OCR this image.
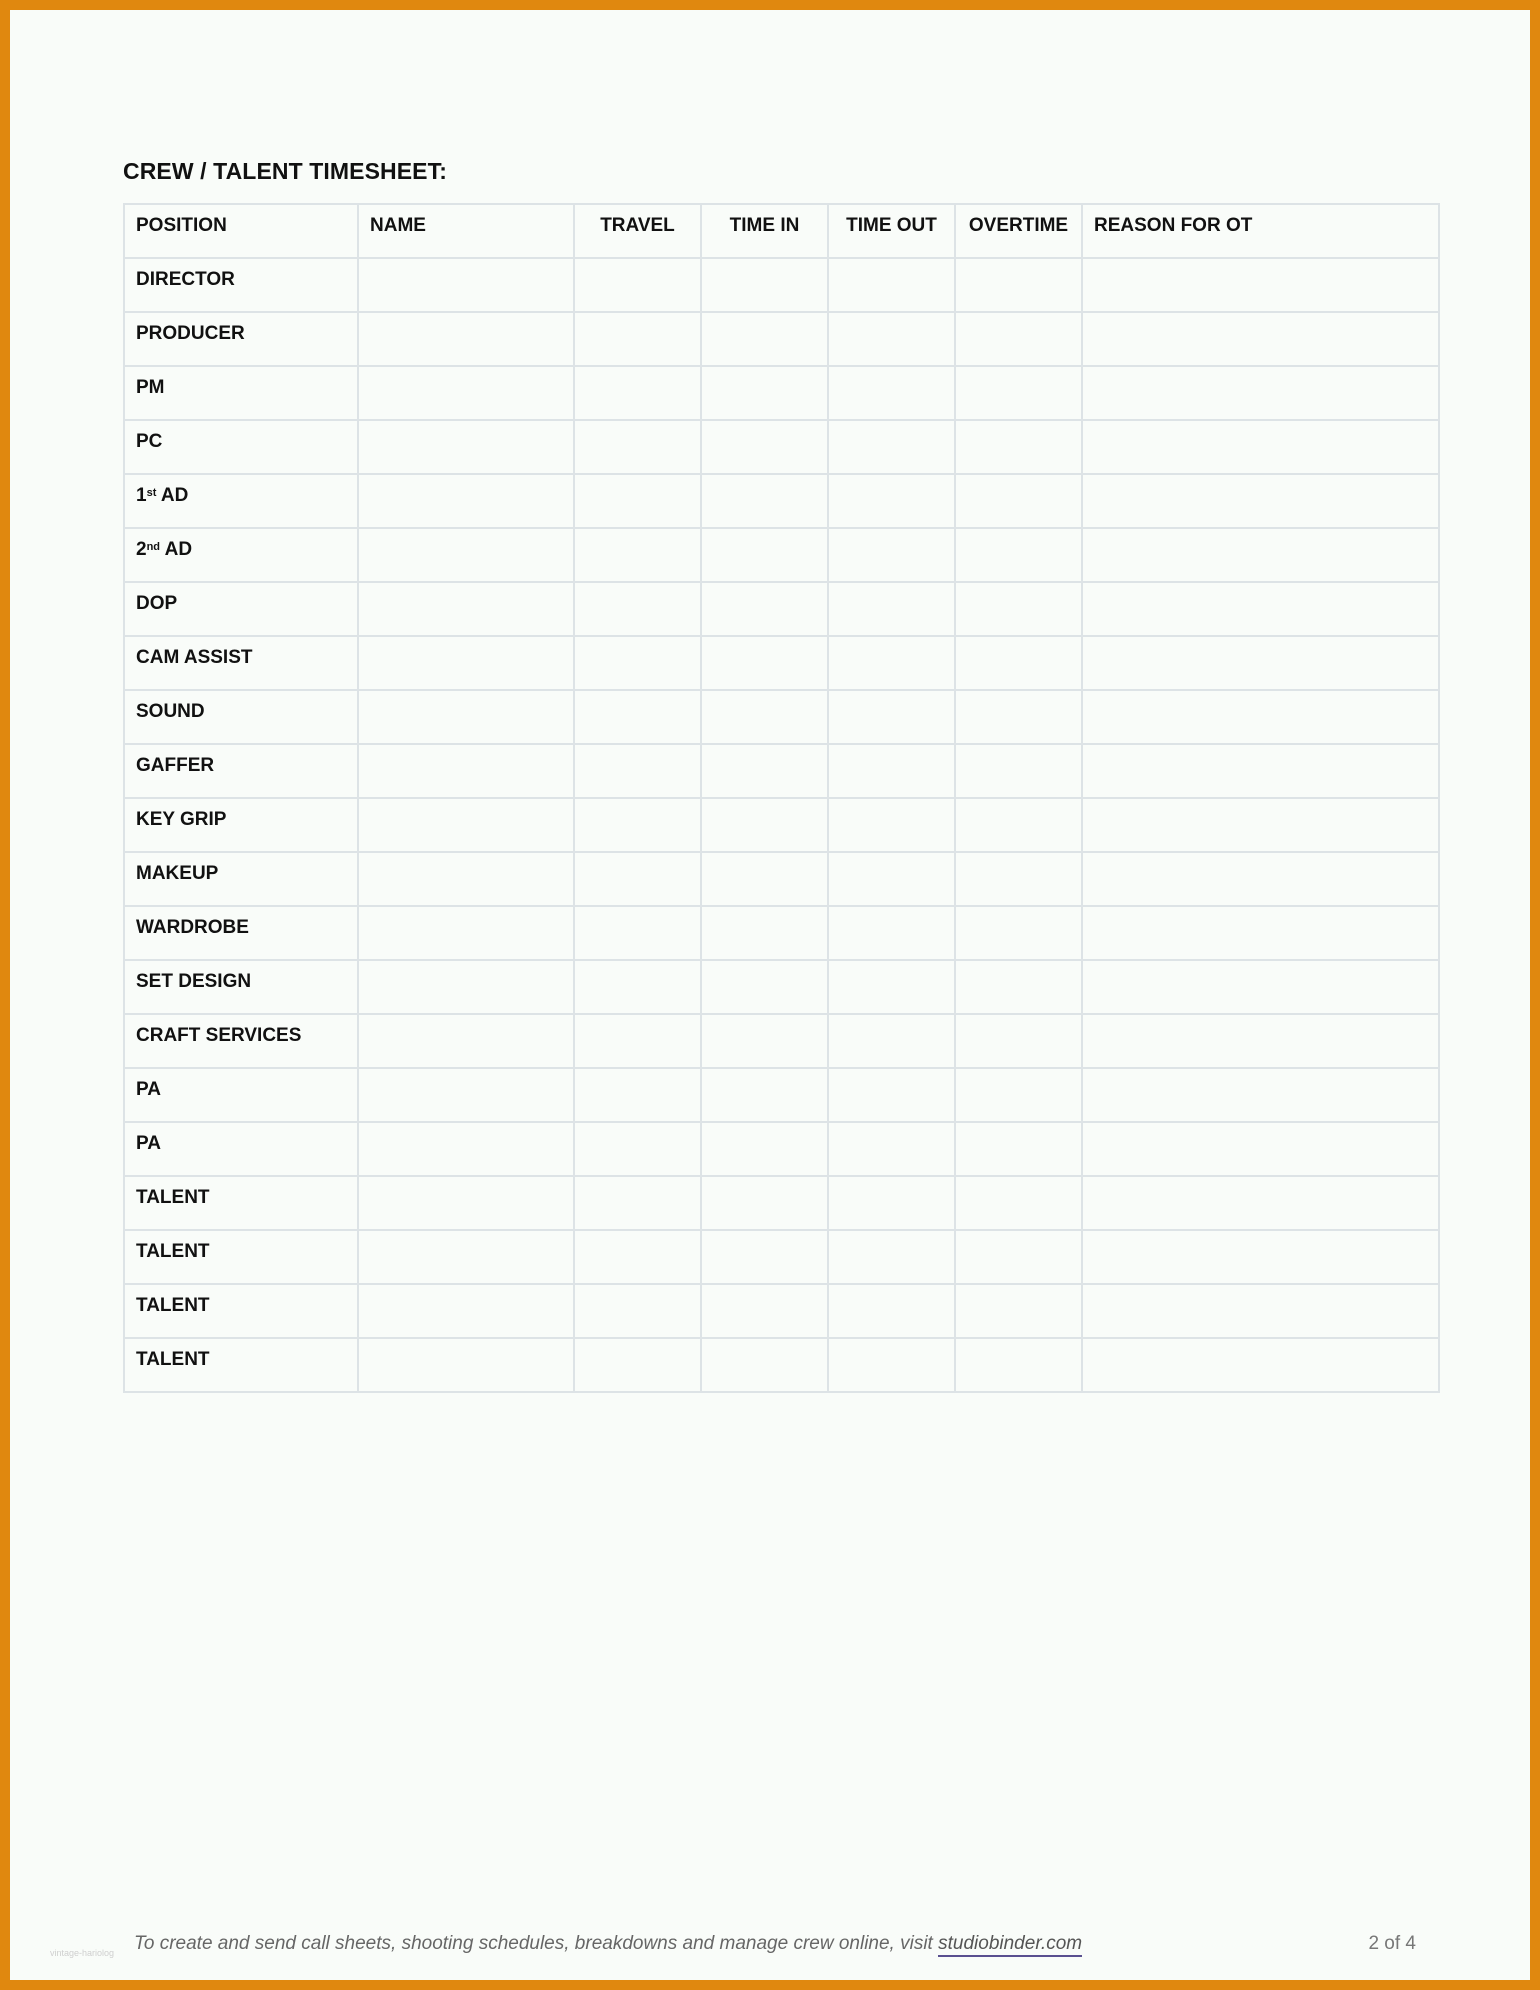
CREW / TALENT TIMESHEET:
POSITION	NAME	TRAVEL	TIME IN	TIME OUT	OVERTIME	REASON FOR OT
DIRECTOR						
PRODUCER						
PM						
PC						
1st AD						
2nd AD						
DOP						
CAM ASSIST						
SOUND						
GAFFER						
KEY GRIP						
MAKEUP						
WARDROBE						
SET DESIGN						
CRAFT SERVICES						
PA						
PA						
TALENT						
TALENT						
TALENT						
TALENT						
To create and send call sheets, shooting schedules, breakdowns and manage crew online, visit studiobinder.com	2 of 4
vintage-hariolog
